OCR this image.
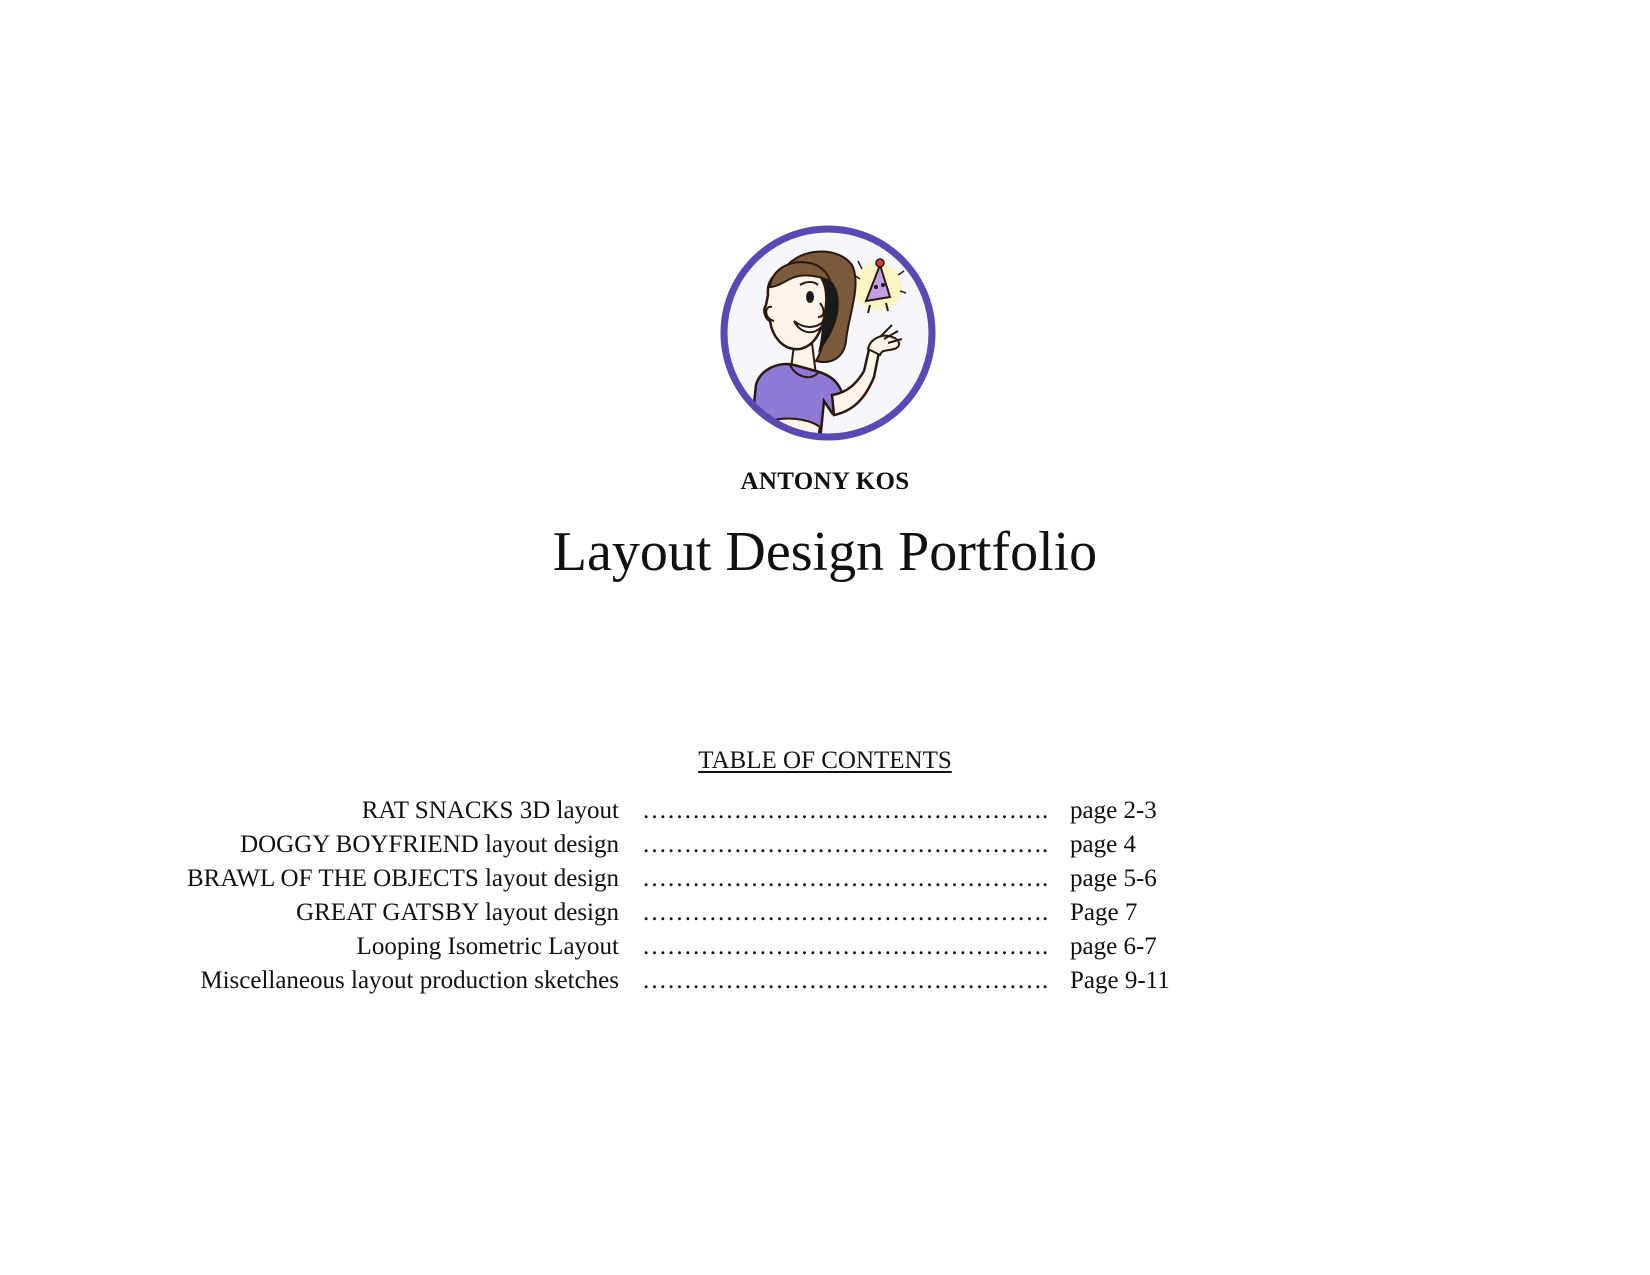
ANTONY KOS
Layout Design Portfolio
TABLE OF CONTENTS
RAT SNACKS 3D layout …………………………………………. page 2-3
DOGGY BOYFRIEND layout design …………………………………………. page 4
BRAWL OF THE OBJECTS layout design …………………………………………. page 5-6
GREAT GATSBY layout design …………………………………………. Page 7
Looping Isometric Layout …………………………………………. page 6-7
Miscellaneous layout production sketches …………………………………………. Page 9-11
